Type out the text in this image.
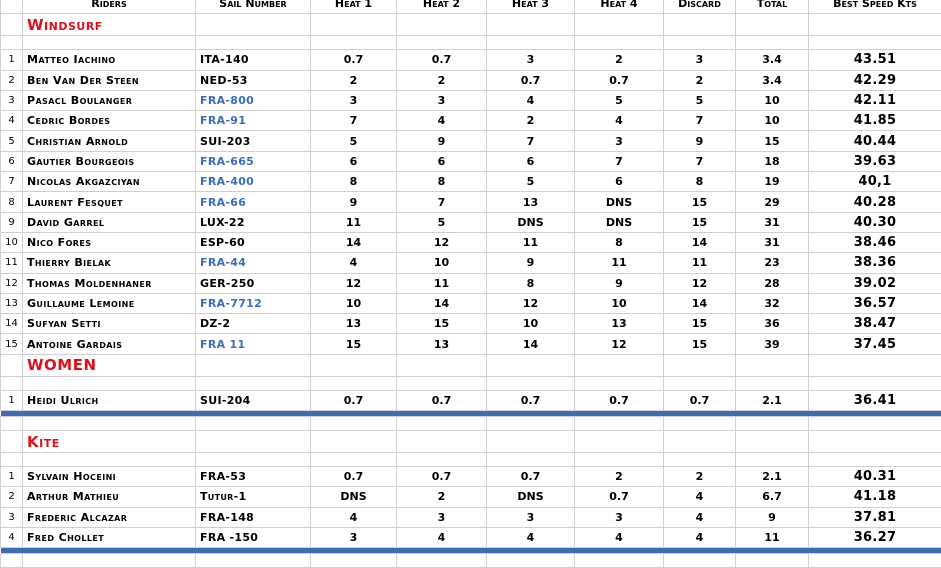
	Riders	Sail Number	Heat 1	Heat 2	Heat 3	Heat 4	Discard	Total	Best Speed Kts
	Windsurf								

1	Matteo Iachino	ITA-140	0.7	0.7	3	2	3	3.4	43.51
2	Ben Van Der Steen	NED-53	2	2	0.7	0.7	2	3.4	42.29
3	Pasacl Boulanger	FRA-800	3	3	4	5	5	10	42.11
4	Cedric Bordes	FRA-91	7	4	2	4	7	10	41.85
5	Christian Arnold	SUI-203	5	9	7	3	9	15	40.44
6	Gautier Bourgeois	FRA-665	6	6	6	7	7	18	39.63
7	Nicolas Akgazciyan	FRA-400	8	8	5	6	8	19	40,1
8	Laurent Fesquet	FRA-66	9	7	13	DNS	15	29	40.28
9	David Garrel	LUX-22	11	5	DNS	DNS	15	31	40.30
10	Nico Fores	ESP-60	14	12	11	8	14	31	38.46
11	Thierry Bielak	FRA-44	4	10	9	11	11	23	38.36
12	Thomas Moldenhaner	GER-250	12	11	8	9	12	28	39.02
13	Guillaume Lemoine	FRA-7712	10	14	12	10	14	32	36.57
14	Sufyan Setti	DZ-2	13	15	10	13	15	36	38.47
15	Antoine Gardais	FRA 11	15	13	14	12	15	39	37.45
	WOMEN								

1	Heidi Ulrich	SUI-204	0.7	0.7	0.7	0.7	0.7	2.1	36.41

	Kite								

1	Sylvain Hoceini	FRA-53	0.7	0.7	0.7	2	2	2.1	40.31
2	Arthur Mathieu	Tutur-1	DNS	2	DNS	0.7	4	6.7	41.18
3	Frederic Alcazar	FRA-148	4	3	3	3	4	9	37.81
4	Fred Chollet	FRA -150	3	4	4	4	4	11	36.27
